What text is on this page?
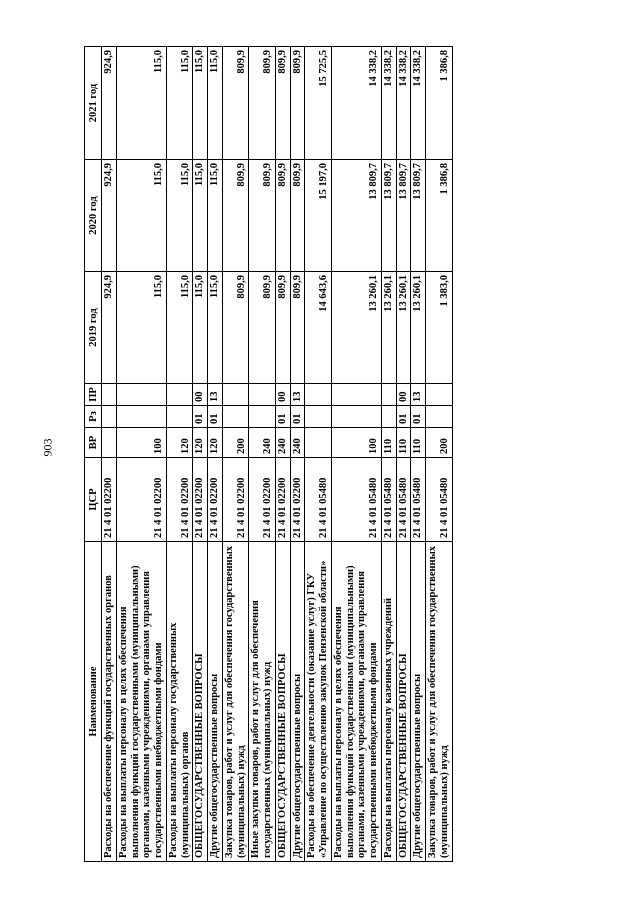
903
Наименование	ЦСР	ВР	Рз	ПР	2019 год	2020 год	2021 год
Расходы на обеспечение функций государственных органов	21 4 01 02200				924,9	924,9	924,9
Расходы на выплаты персоналу в целях обеспечения выполнения функций государственными (муниципальными) органами, казенными учреждениями, органами управления государственными внебюджетными фондами	21 4 01 02200	100			115,0	115,0	115,0
Расходы на выплаты персоналу государственных (муниципальных) органов	21 4 01 02200	120			115,0	115,0	115,0
ОБЩЕГОСУДАРСТВЕННЫЕ ВОПРОСЫ	21 4 01 02200	120	01	00	115,0	115,0	115,0
Другие общегосударственные вопросы	21 4 01 02200	120	01	13	115,0	115,0	115,0
Закупка товаров, работ и услуг для обеспечения государственных (муниципальных) нужд	21 4 01 02200	200			809,9	809,9	809,9
Иные закупки товаров, работ и услуг для обеспечения государственных (муниципальных) нужд	21 4 01 02200	240			809,9	809,9	809,9
ОБЩЕГОСУДАРСТВЕННЫЕ ВОПРОСЫ	21 4 01 02200	240	01	00	809,9	809,9	809,9
Другие общегосударственные вопросы	21 4 01 02200	240	01	13	809,9	809,9	809,9
Расходы на обеспечение деятельности (оказание услуг) ГКУ «Управление по осуществлению закупок Пензенской области»	21 4 01 05480				14 643,6	15 197,0	15 725,5
Расходы на выплаты персоналу в целях обеспечения выполнения функций государственными (муниципальными) органами, казенными учреждениями, органами управления государственными внебюджетными фондами	21 4 01 05480	100			13 260,1	13 809,7	14 338,2
Расходы на выплаты персоналу казенных учреждений	21 4 01 05480	110			13 260,1	13 809,7	14 338,2
ОБЩЕГОСУДАРСТВЕННЫЕ ВОПРОСЫ	21 4 01 05480	110	01	00	13 260,1	13 809,7	14 338,2
Другие общегосударственные вопросы	21 4 01 05480	110	01	13	13 260,1	13 809,7	14 338,2
Закупка товаров, работ и услуг для обеспечения государственных (муниципальных) нужд	21 4 01 05480	200			1 383,0	1 386,8	1 386,8
